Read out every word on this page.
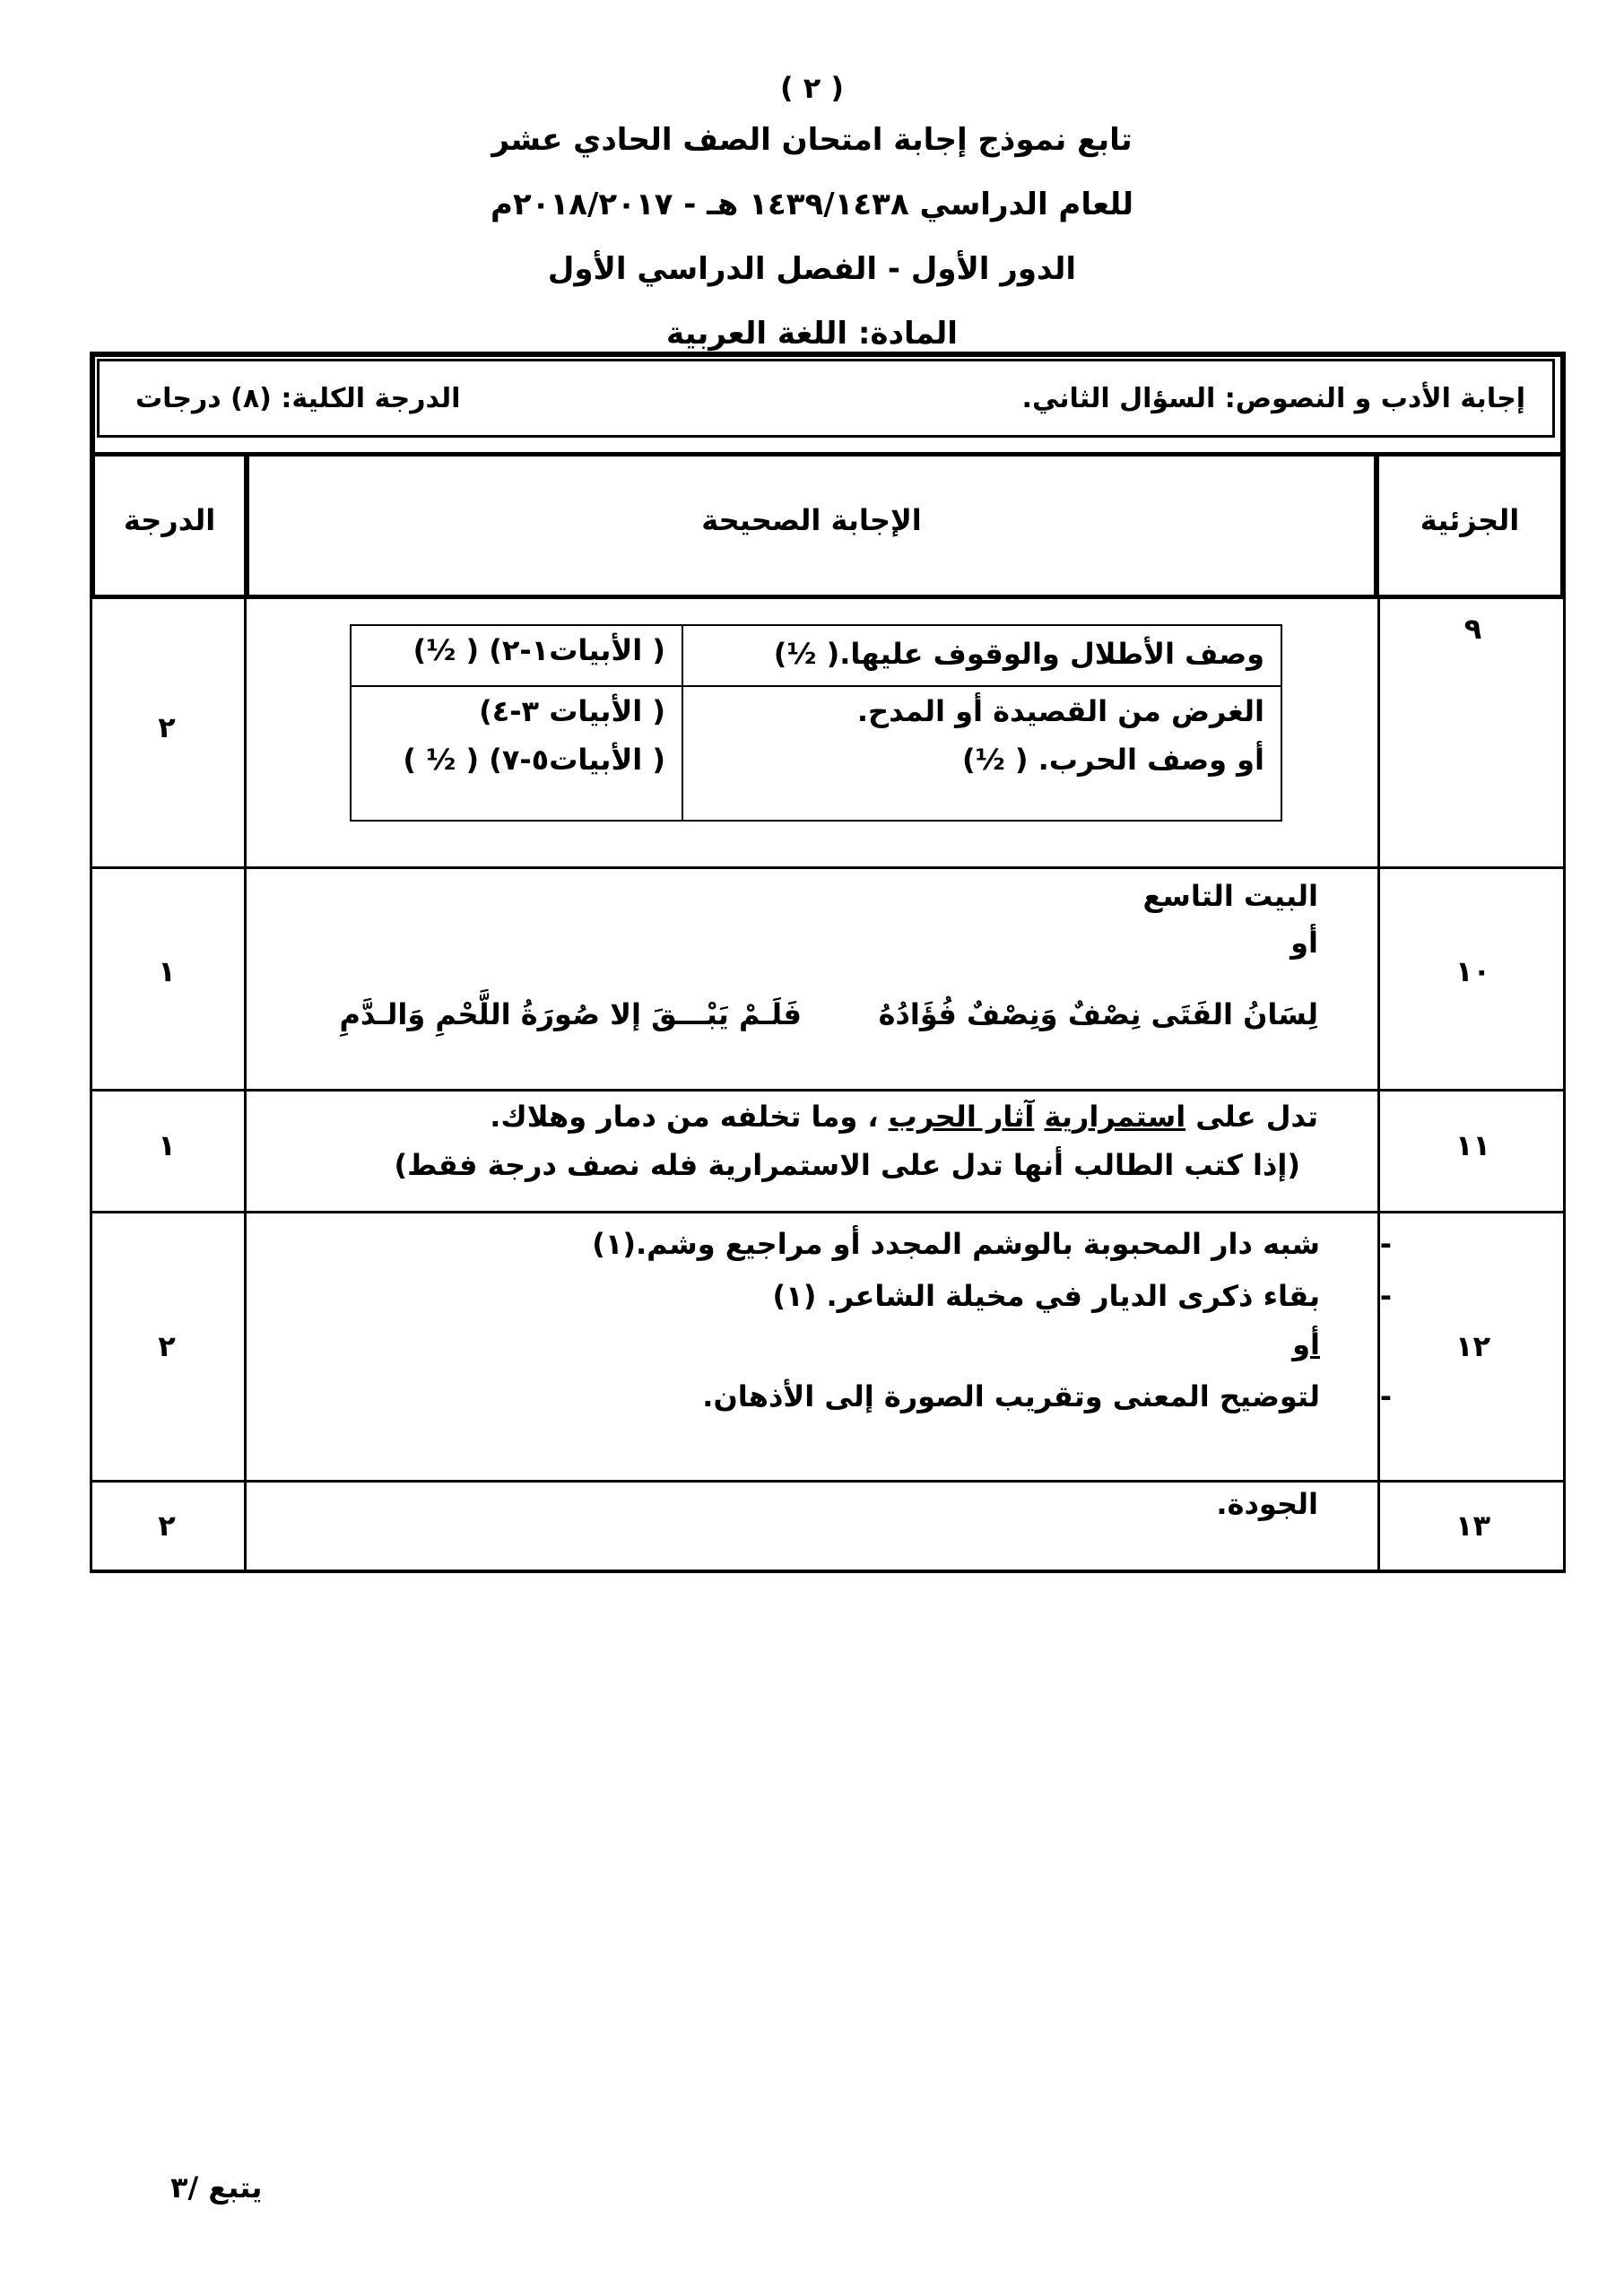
( ٢ )
تابع نموذج إجابة امتحان الصف الحادي عشر
للعام الدراسي ١٤٣٩/١٤٣٨ هـ - ٢٠١٨/٢٠١٧م
الدور الأول - الفصل الدراسي الأول
المادة: اللغة العربية
إجابة الأدب و النصوص: السؤال الثاني.
الدرجة الكلية: (٨) درجات
الجزئية
الإجابة الصحيحة
الدرجة
٩
٢
وصف الأطلال والوقوف عليها.( ½)
( الأبيات١-٢) ( ½)
الغرض من القصيدة أو المدح.
أو وصف الحرب. ( ½)
( الأبيات ٣-٤)
( الأبيات٥-٧) ( ½ )
١٠
١
البيت التاسع
أو
لِسَانُ الفَتَى نِصْفٌ وَنِصْفٌ فُؤَادُهُ
فَلَـمْ يَبْـــقَ إلا صُورَةُ اللَّحْمِ وَالـدَّمِ
١١
١
تدل على استمرارية آثار الحرب ، وما تخلفه من دمار وهلاك.
(إذا كتب الطالب أنها تدل على الاستمرارية فله نصف درجة فقط)
١٢
٢
-
شبه دار المحبوبة بالوشم المجدد أو مراجيع وشم.(١)
-
بقاء ذكرى الديار في مخيلة الشاعر. (١)
أو
-
لتوضيح المعنى وتقريب الصورة إلى الأذهان.
١٣
٢
الجودة.
يتبع /٣
